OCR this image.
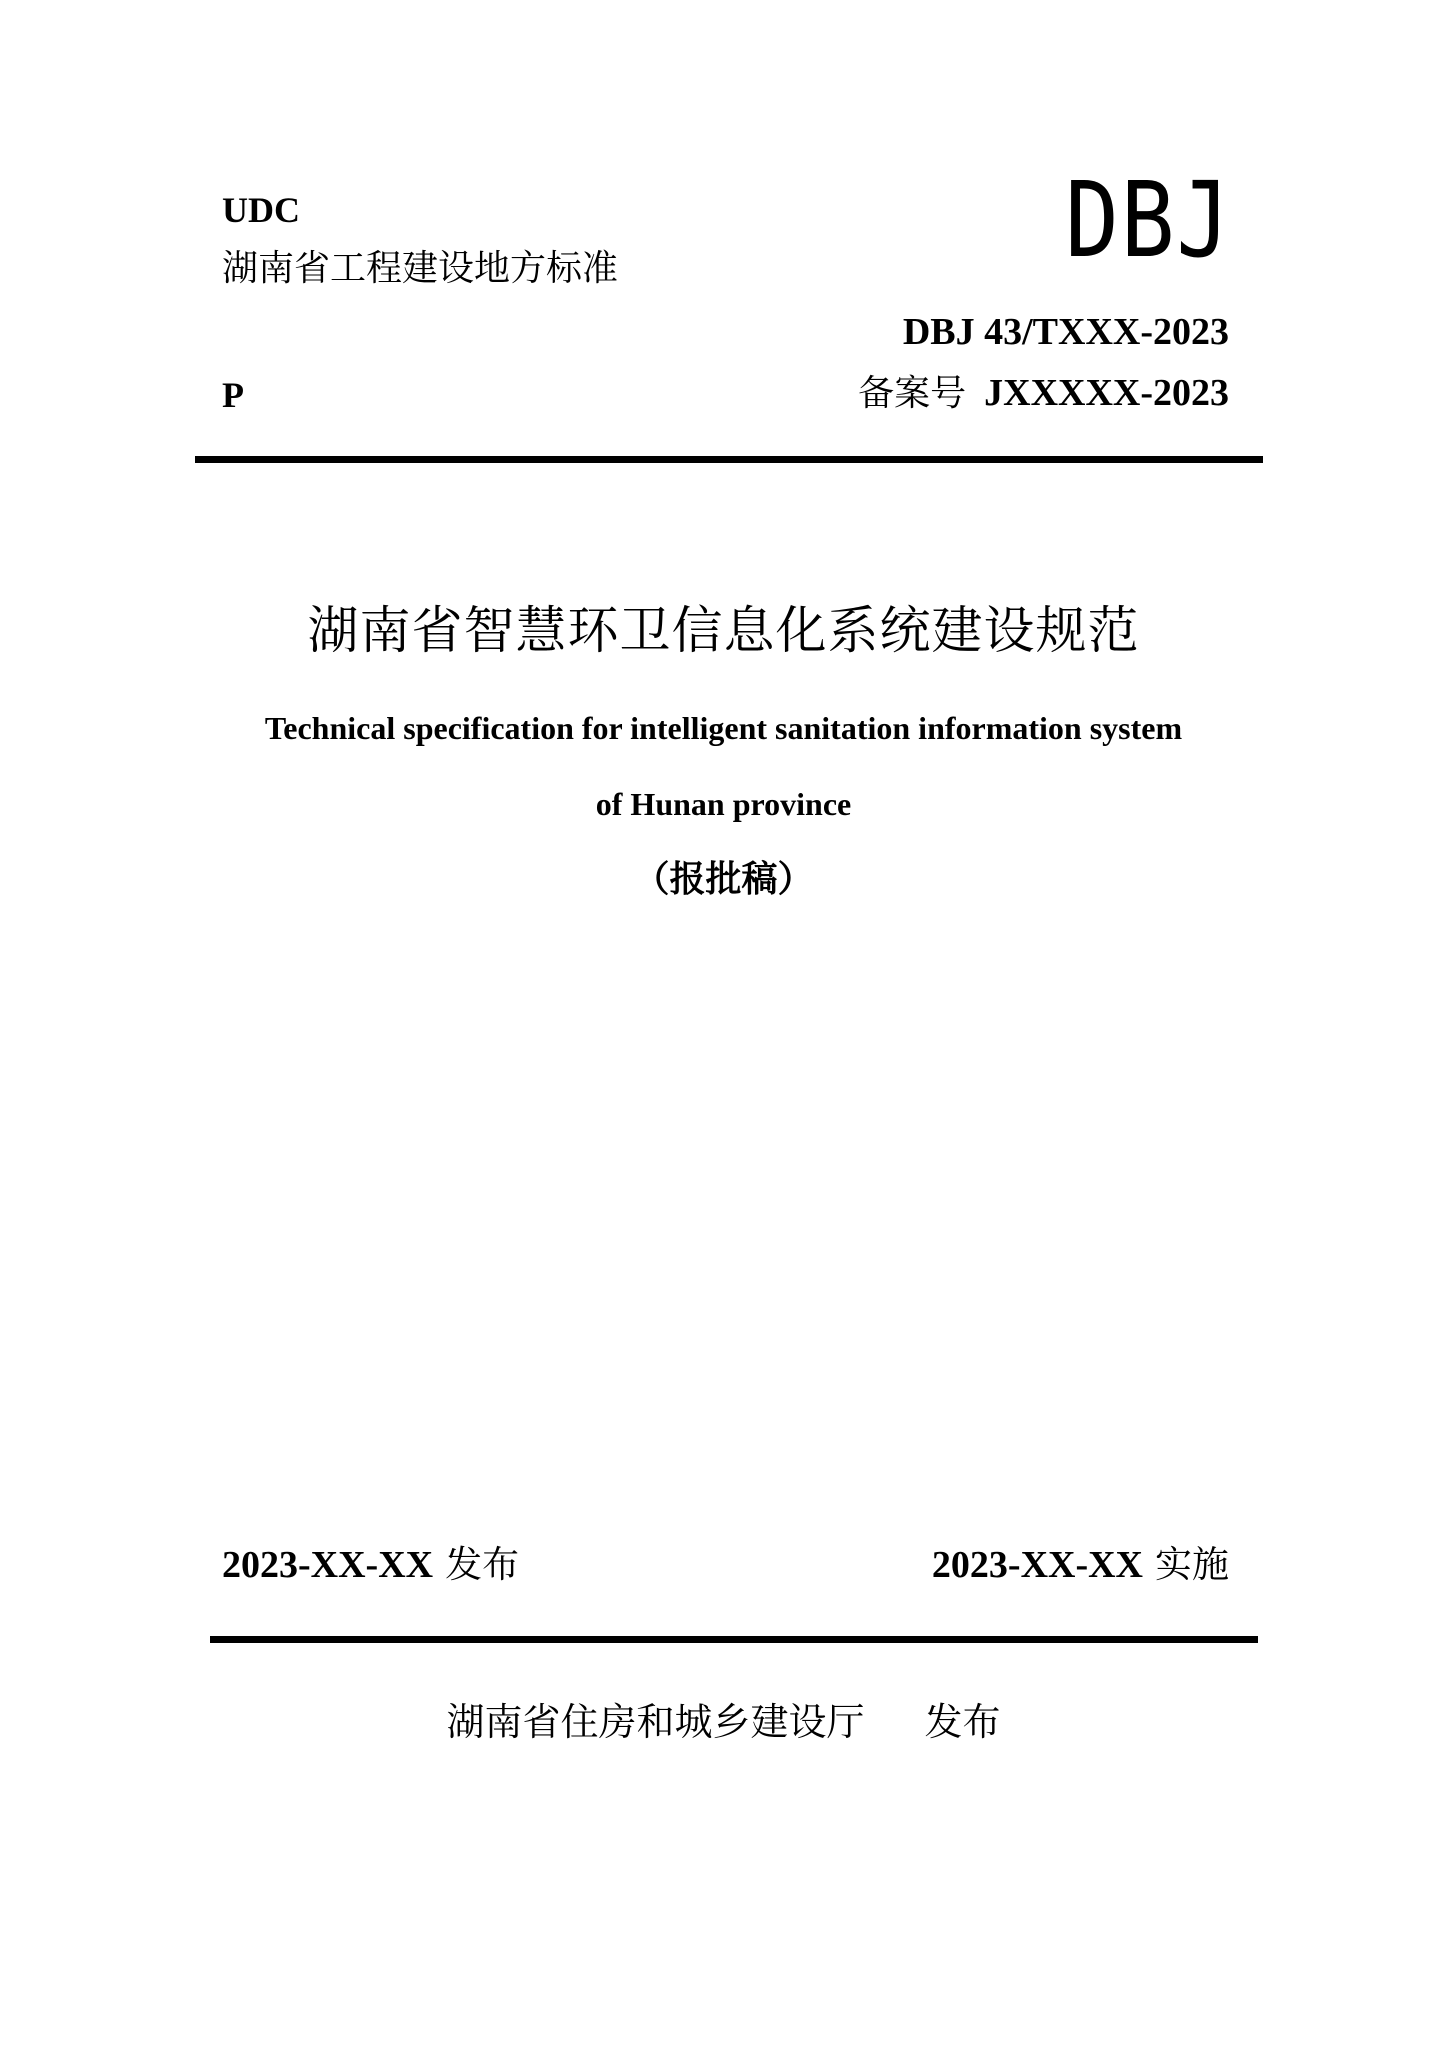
UDC
湖南省工程建设地方标准	DBJ
DBJ 43/TXXX-2023
P	备案号 JXXXXX-2023
湖南省智慧环卫信息化系统建设规范
Technical specification for intelligent sanitation information system
of Hunan province
（报批稿）
2023-XX-XX 发布	2023-XX-XX 实施
湖南省住房和城乡建设厅 发布
